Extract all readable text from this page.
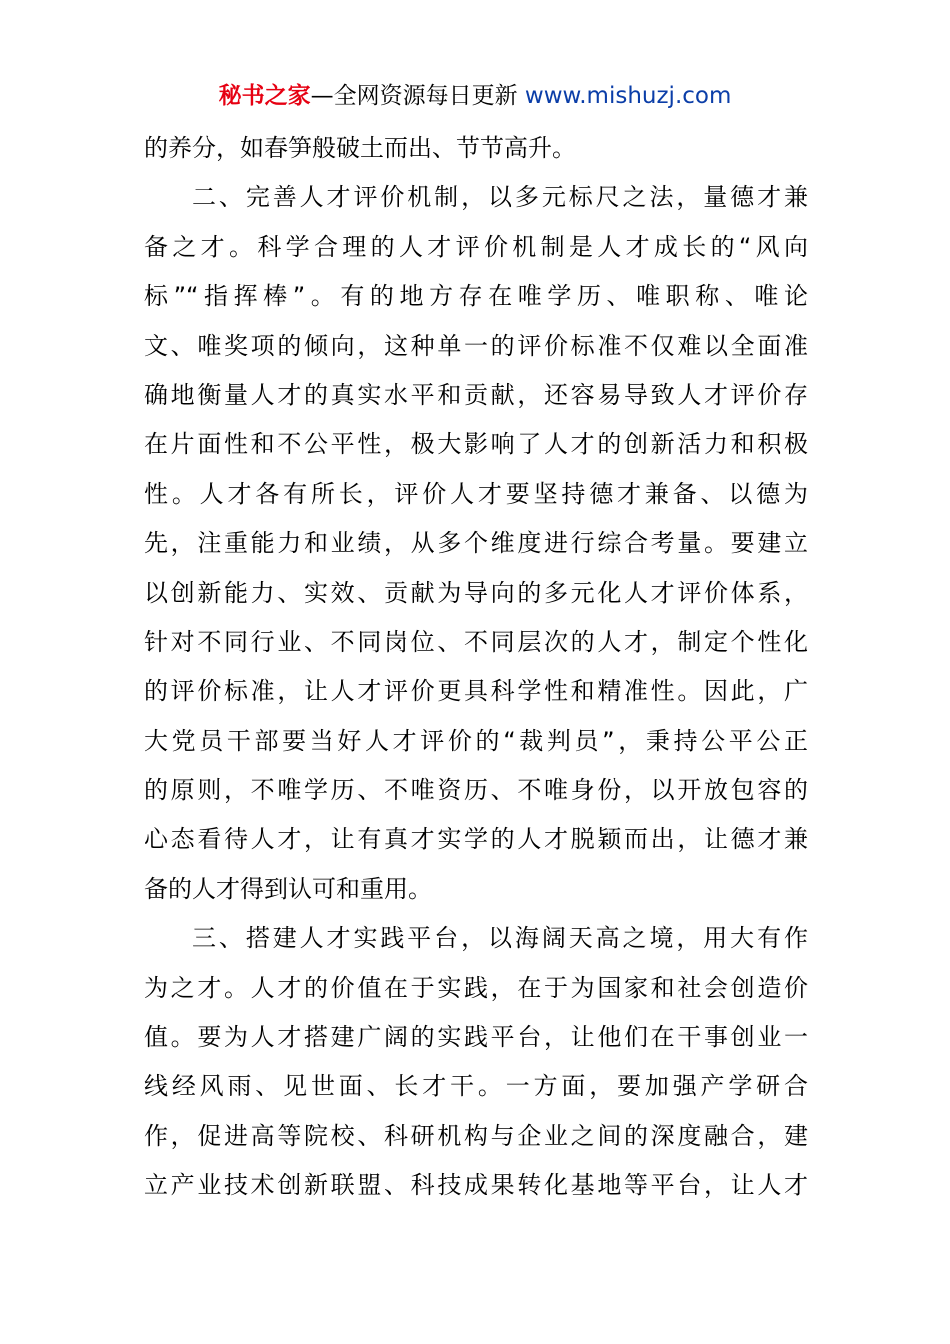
秘书之家—全网资源每日更新 www.mishuzj.com
的养分，如春笋般破土而出、节节高升。
二、完善人才评价机制，以多元标尺之法，量德才兼
备之才。科学合理的人才评价机制是人才成长的“风向
标”“指挥棒”。有的地方存在唯学历、唯职称、唯论
文、唯奖项的倾向，这种单一的评价标准不仅难以全面准
确地衡量人才的真实水平和贡献，还容易导致人才评价存
在片面性和不公平性，极大影响了人才的创新活力和积极
性。人才各有所长，评价人才要坚持德才兼备、以德为
先，注重能力和业绩，从多个维度进行综合考量。要建立
以创新能力、实效、贡献为导向的多元化人才评价体系，
针对不同行业、不同岗位、不同层次的人才，制定个性化
的评价标准，让人才评价更具科学性和精准性。因此，广
大党员干部要当好人才评价的“裁判员”，秉持公平公正
的原则，不唯学历、不唯资历、不唯身份，以开放包容的
心态看待人才，让有真才实学的人才脱颖而出，让德才兼
备的人才得到认可和重用。
三、搭建人才实践平台，以海阔天高之境，用大有作
为之才。人才的价值在于实践，在于为国家和社会创造价
值。要为人才搭建广阔的实践平台，让他们在干事创业一
线经风雨、见世面、长才干。一方面，要加强产学研合
作，促进高等院校、科研机构与企业之间的深度融合，建
立产业技术创新联盟、科技成果转化基地等平台，让人才
